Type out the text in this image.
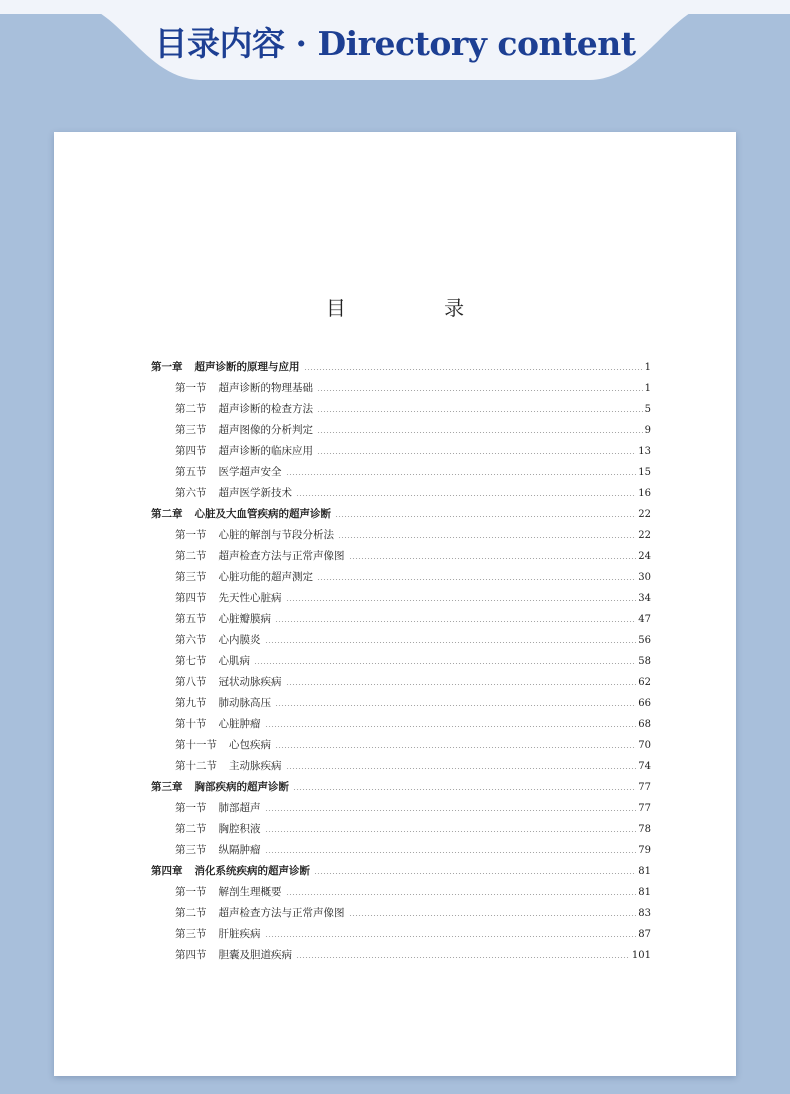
目录内容 · Directory content
目 录
第一章 超声诊断的原理与应用	1
第一节 超声诊断的物理基础	1
第二节 超声诊断的检查方法	5
第三节 超声图像的分析判定	9
第四节 超声诊断的临床应用	13
第五节 医学超声安全	15
第六节 超声医学新技术	16
第二章 心脏及大血管疾病的超声诊断	22
第一节 心脏的解剖与节段分析法	22
第二节 超声检查方法与正常声像图	24
第三节 心脏功能的超声测定	30
第四节 先天性心脏病	34
第五节 心脏瓣膜病	47
第六节 心内膜炎	56
第七节 心肌病	58
第八节 冠状动脉疾病	62
第九节 肺动脉高压	66
第十节 心脏肿瘤	68
第十一节 心包疾病	70
第十二节 主动脉疾病	74
第三章 胸部疾病的超声诊断	77
第一节 肺部超声	77
第二节 胸腔积液	78
第三节 纵隔肿瘤	79
第四章 消化系统疾病的超声诊断	81
第一节 解剖生理概要	81
第二节 超声检查方法与正常声像图	83
第三节 肝脏疾病	87
第四节 胆囊及胆道疾病	101
